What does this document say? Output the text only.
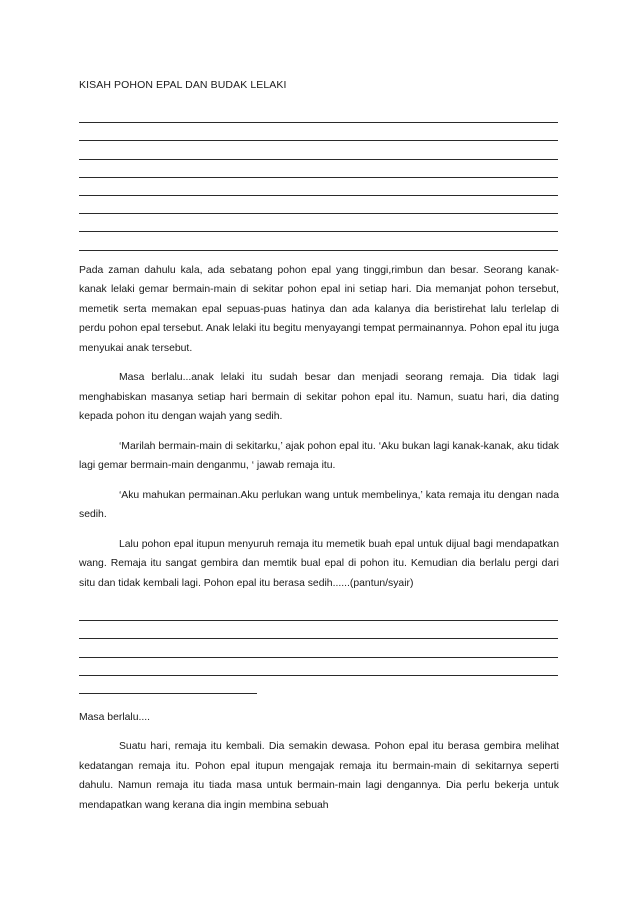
KISAH POHON EPAL DAN BUDAK LELAKI

Pada zaman dahulu kala, ada sebatang pohon epal yang tinggi,rimbun dan besar. Seorang kanak-kanak lelaki gemar bermain-main di sekitar pohon epal ini setiap hari. Dia memanjat pohon tersebut, memetik serta memakan epal sepuas-puas hatinya dan ada kalanya dia beristirehat lalu terlelap di perdu pohon epal tersebut. Anak lelaki itu begitu menyayangi tempat permainannya. Pohon epal itu juga menyukai anak tersebut.

Masa berlalu...anak lelaki itu sudah besar dan menjadi seorang remaja. Dia tidak lagi menghabiskan masanya setiap hari bermain di sekitar pohon epal itu. Namun, suatu hari, dia dating kepada pohon itu dengan wajah yang sedih.

‘Marilah bermain-main di sekitarku,’ ajak pohon epal itu. ‘Aku bukan lagi kanak-kanak, aku tidak lagi gemar bermain-main denganmu, ‘ jawab remaja itu.

‘Aku mahukan permainan.Aku perlukan wang untuk membelinya,’ kata remaja itu dengan nada sedih.

Lalu pohon epal itupun menyuruh remaja itu memetik buah epal untuk dijual bagi mendapatkan wang. Remaja itu sangat gembira dan memtik bual epal di pohon itu. Kemudian dia berlalu pergi dari situ dan tidak kembali lagi. Pohon epal itu berasa sedih......(pantun/syair)

Masa berlalu....

Suatu hari, remaja itu kembali. Dia semakin dewasa. Pohon epal itu berasa gembira melihat kedatangan remaja itu. Pohon epal itupun mengajak remaja itu bermain-main di sekitarnya seperti dahulu. Namun remaja itu tiada masa untuk bermain-main lagi dengannya. Dia perlu bekerja untuk mendapatkan wang kerana dia ingin membina sebuah
